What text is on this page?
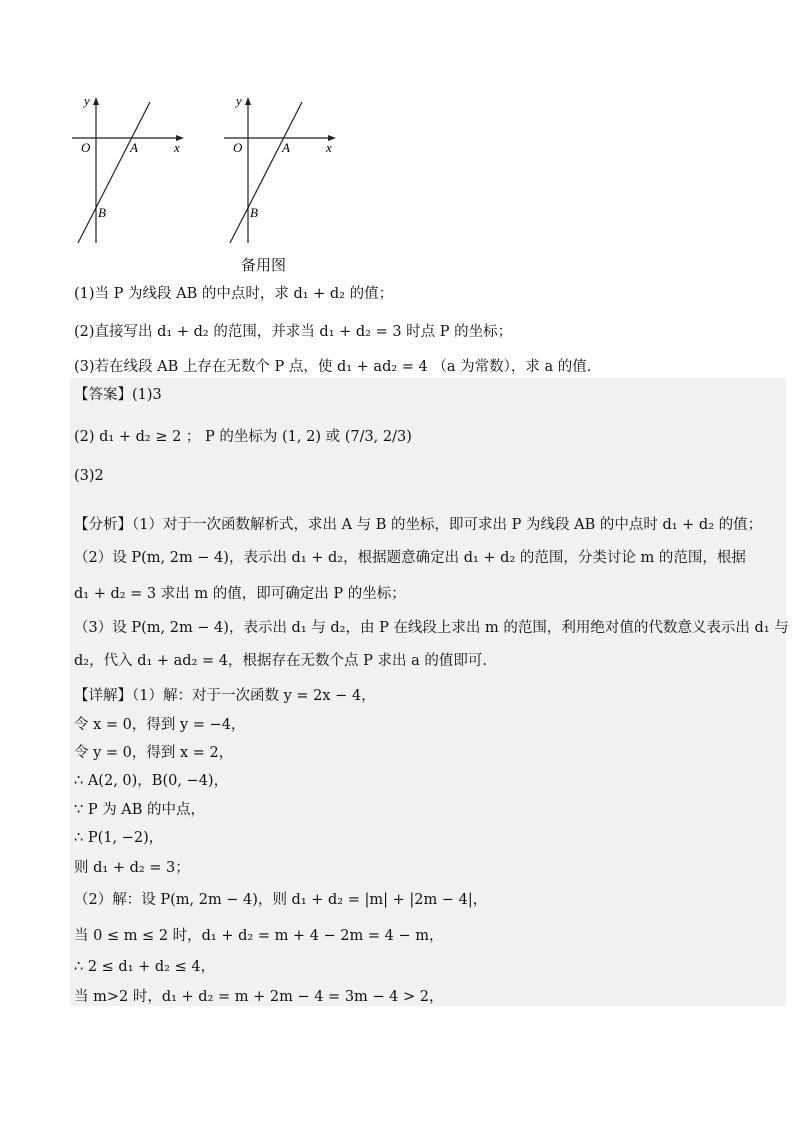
y
x
O	A
B
y
x
O	A
B
备用图
(1)当 P 为线段 AB 的中点时，求 d₁ + d₂ 的值；
(2)直接写出 d₁ + d₂ 的范围，并求当 d₁ + d₂ = 3 时点 P 的坐标；
(3)若在线段 AB 上存在无数个 P 点，使 d₁ + ad₂ = 4 （a 为常数），求 a 的值.
【答案】(1)3
(2) d₁ + d₂ ≥ 2 ； P 的坐标为 (1, 2) 或 (7/3, 2/3)
(3)2
【分析】（1）对于一次函数解析式，求出 A 与 B 的坐标，即可求出 P 为线段 AB 的中点时 d₁ + d₂ 的值；
（2）设 P(m, 2m − 4)，表示出 d₁ + d₂，根据题意确定出 d₁ + d₂ 的范围，分类讨论 m 的范围，根据
d₁ + d₂ = 3 求出 m 的值，即可确定出 P 的坐标；
（3）设 P(m, 2m − 4)，表示出 d₁ 与 d₂，由 P 在线段上求出 m 的范围，利用绝对值的代数意义表示出 d₁ 与
d₂，代入 d₁ + ad₂ = 4，根据存在无数个点 P 求出 a 的值即可.
【详解】（1）解：对于一次函数 y = 2x − 4，
令 x = 0，得到 y = −4，
令 y = 0，得到 x = 2，
∴ A(2, 0)，B(0, −4)，
∵ P 为 AB 的中点，
∴ P(1, −2)，
则 d₁ + d₂ = 3；
（2）解：设 P(m, 2m − 4)，则 d₁ + d₂ = |m| + |2m − 4|，
当 0 ≤ m ≤ 2 时，d₁ + d₂ = m + 4 − 2m = 4 − m，
∴ 2 ≤ d₁ + d₂ ≤ 4，
当 m>2 时，d₁ + d₂ = m + 2m − 4 = 3m − 4 > 2，
